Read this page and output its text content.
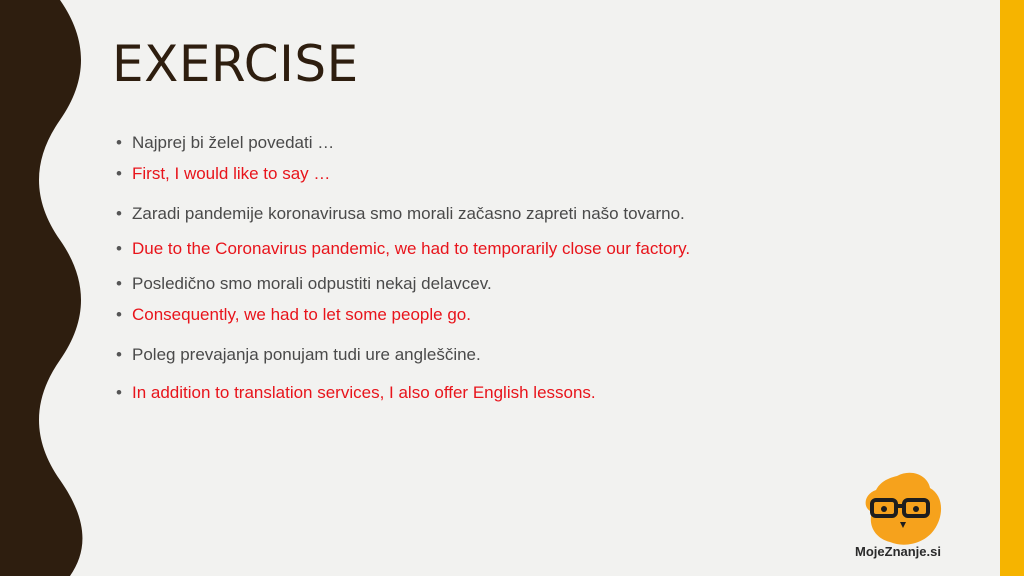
EXERCISE
• Najprej bi želel povedati …
• First, I would like to say …
• Zaradi pandemije koronavirusa smo morali začasno zapreti našo tovarno.
• Due to the Coronavirus pandemic, we had to temporarily close our factory.
• Posledično smo morali odpustiti nekaj delavcev.
• Consequently, we had to let some people go.
• Poleg prevajanja ponujam tudi ure angleščine.
• In addition to translation services, I also offer English lessons.
MojeZnanje.si
